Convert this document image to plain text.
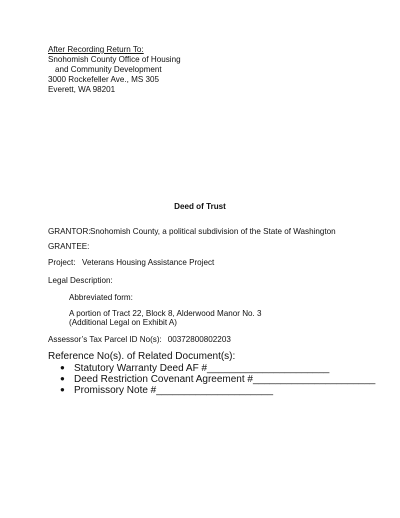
After Recording Return To:
Snohomish County Office of Housing
and Community Development
3000 Rockefeller Ave., MS 305
Everett, WA 98201
Deed of Trust
GRANTOR:Snohomish County, a political subdivision of the State of Washington
GRANTEE:
Project: Veterans Housing Assistance Project
Legal Description:
Abbreviated form:
A portion of Tract 22, Block 8, Alderwood Manor No. 3
(Additional Legal on Exhibit A)
Assessor’s Tax Parcel ID No(s): 00372800802203
Reference No(s). of Related Document(s):
● Statutory Warranty Deed AF #______________________
● Deed Restriction Covenant Agreement #______________________
● Promissory Note #_____________________
